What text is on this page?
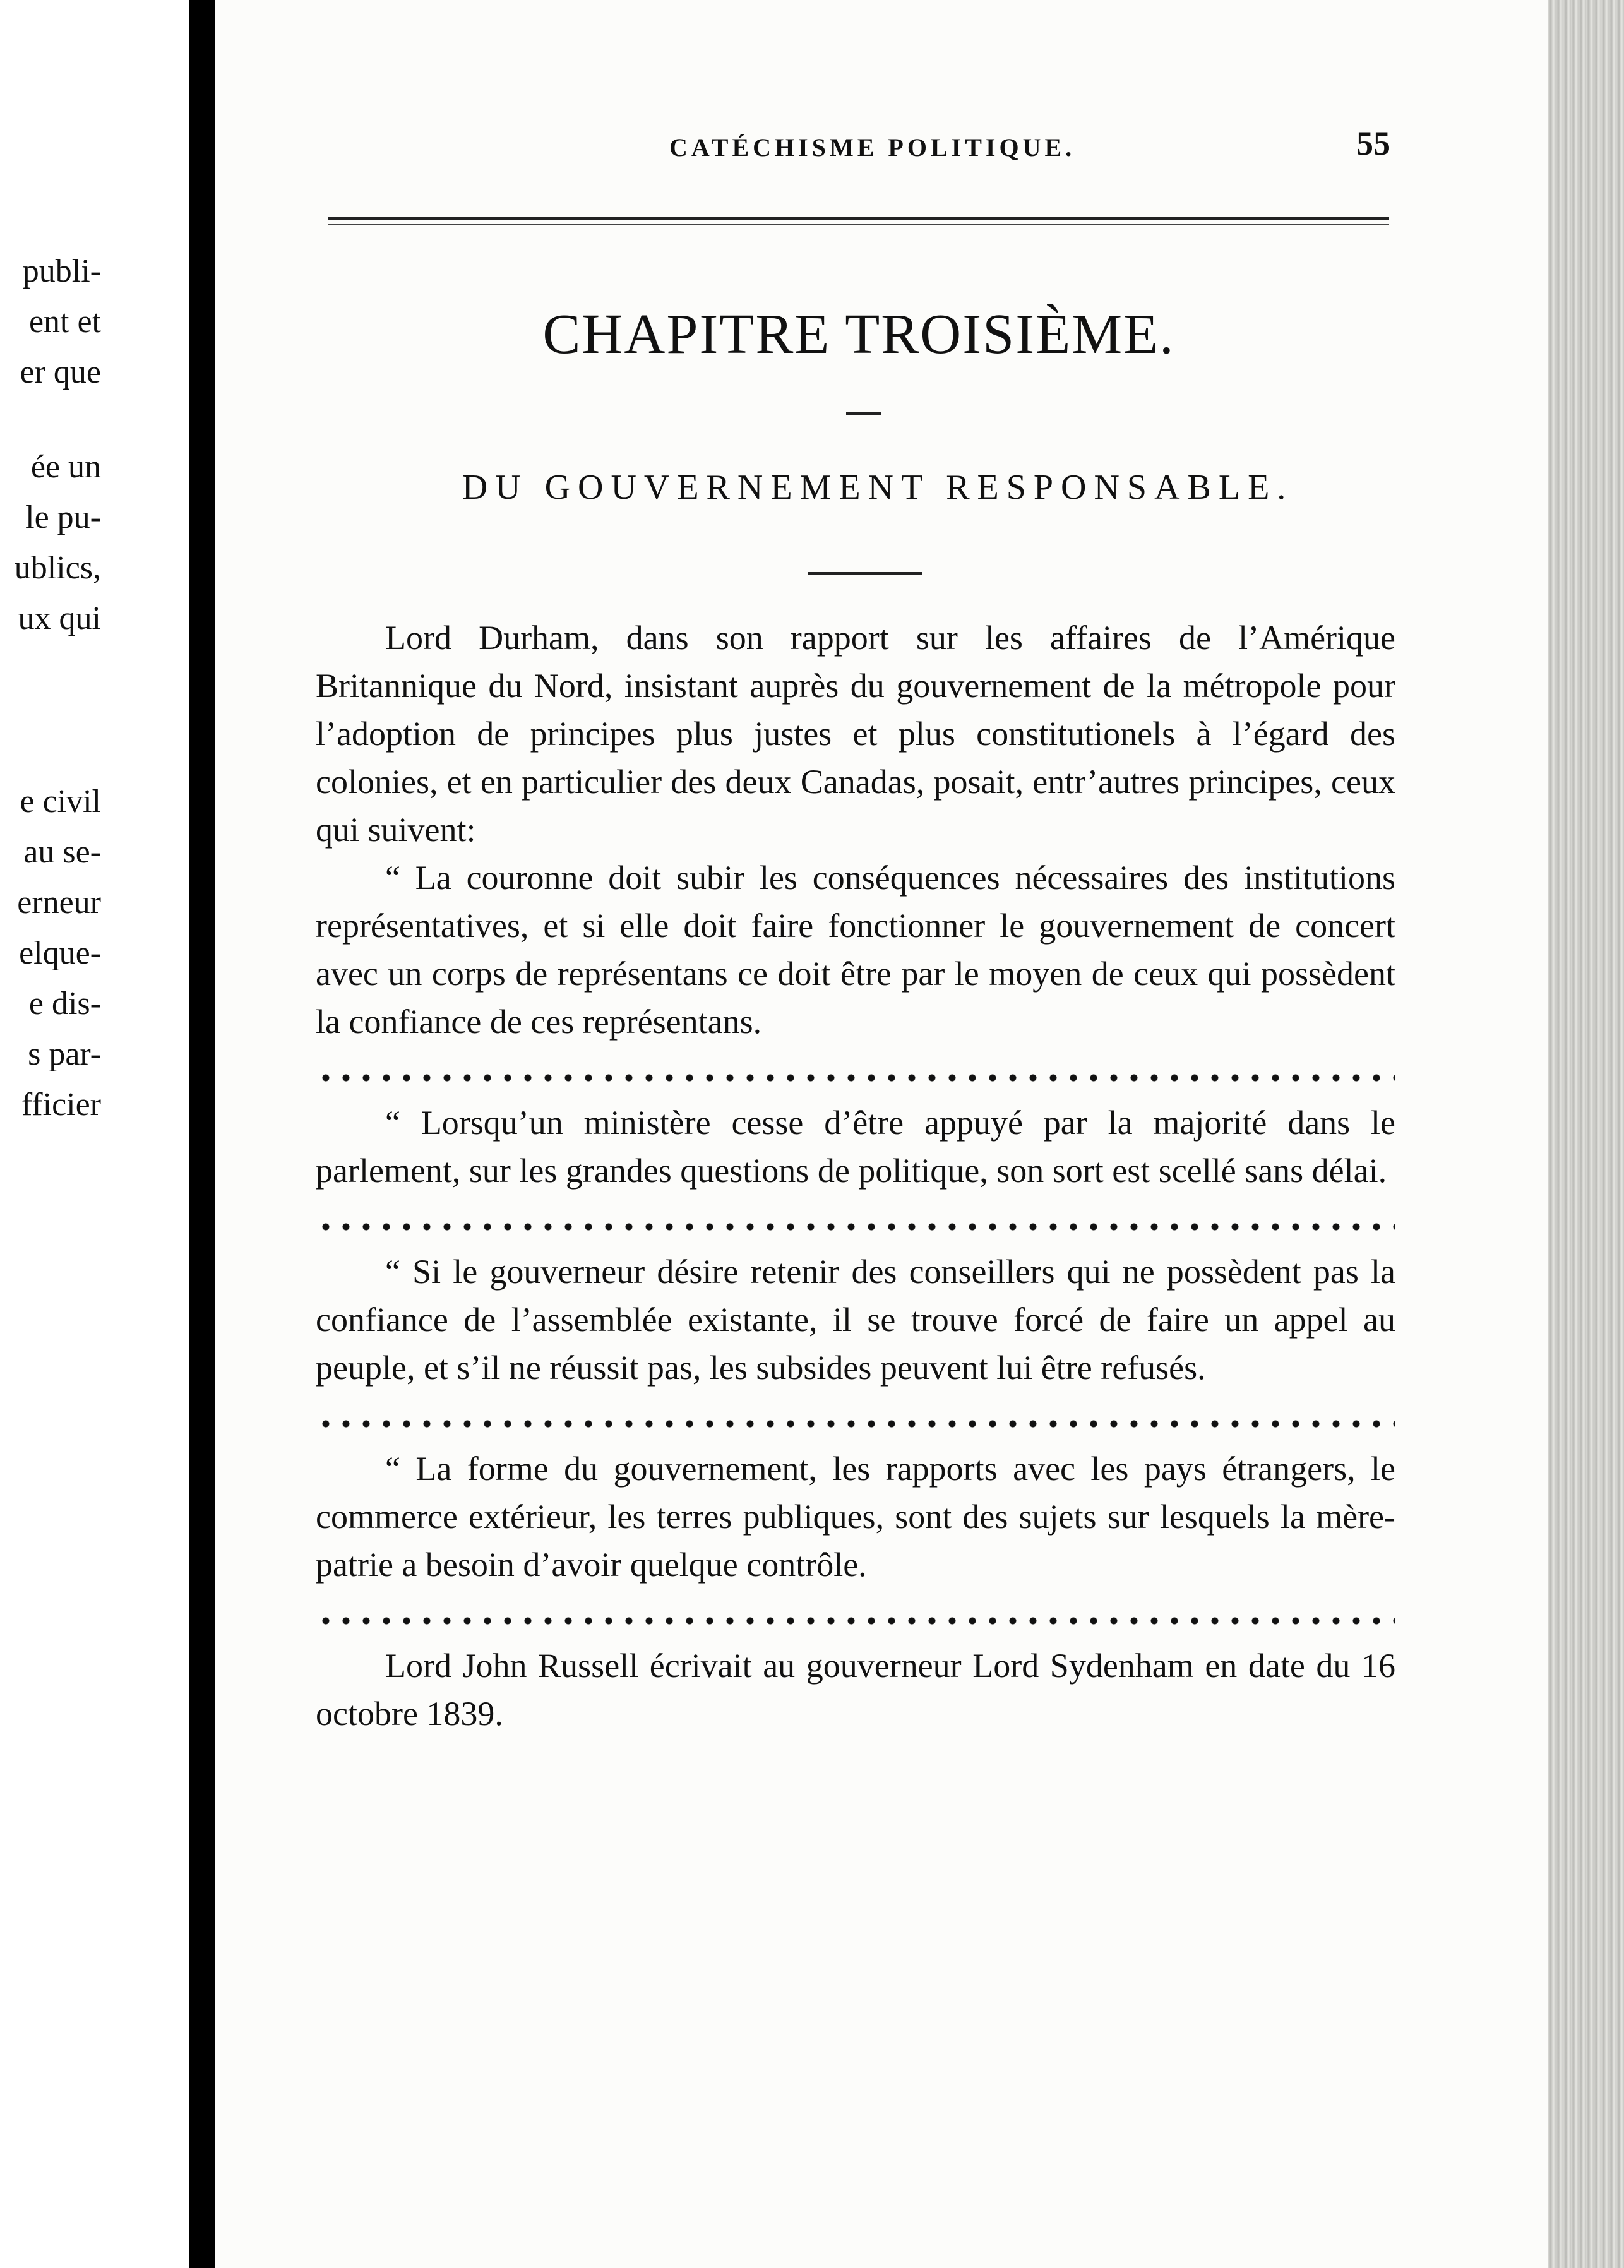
publi-
ent et
er que
ée un
le pu-
ublics,
ux qui
e civil
au se-
erneur
elque-
e dis-
s par-
fficier
CATÉCHISME POLITIQUE.	55
CHAPITRE TROISIÈME.
DU GOUVERNEMENT RESPONSABLE.

Lord Durham, dans son rapport sur les affaires de l’Amérique Britannique du Nord, insistant auprès du gouvernement de la métropole pour l’adoption de principes plus justes et plus constitutionels à l’égard des colonies, et en particulier des deux Canadas, posait, entr’autres principes, ceux qui suivent:

“ La couronne doit subir les conséquences nécessaires des institutions représentatives, et si elle doit faire fonctionner le gouvernement de concert avec un corps de représentans ce doit être par le moyen de ceux qui possèdent la confiance de ces représentans.

“ Lorsqu’un ministère cesse d’être appuyé par la majorité dans le parlement, sur les grandes questions de politique, son sort est scellé sans délai.

“ Si le gouverneur désire retenir des conseillers qui ne possèdent pas la confiance de l’assemblée existante, il se trouve forcé de faire un appel au peuple, et s’il ne réussit pas, les subsides peuvent lui être refusés.

“ La forme du gouvernement, les rapports avec les pays étrangers, le commerce extérieur, les terres publiques, sont des sujets sur lesquels la mère-patrie a besoin d’avoir quelque contrôle.

Lord John Russell écrivait au gouverneur Lord Sydenham en date du 16 octobre 1839.
